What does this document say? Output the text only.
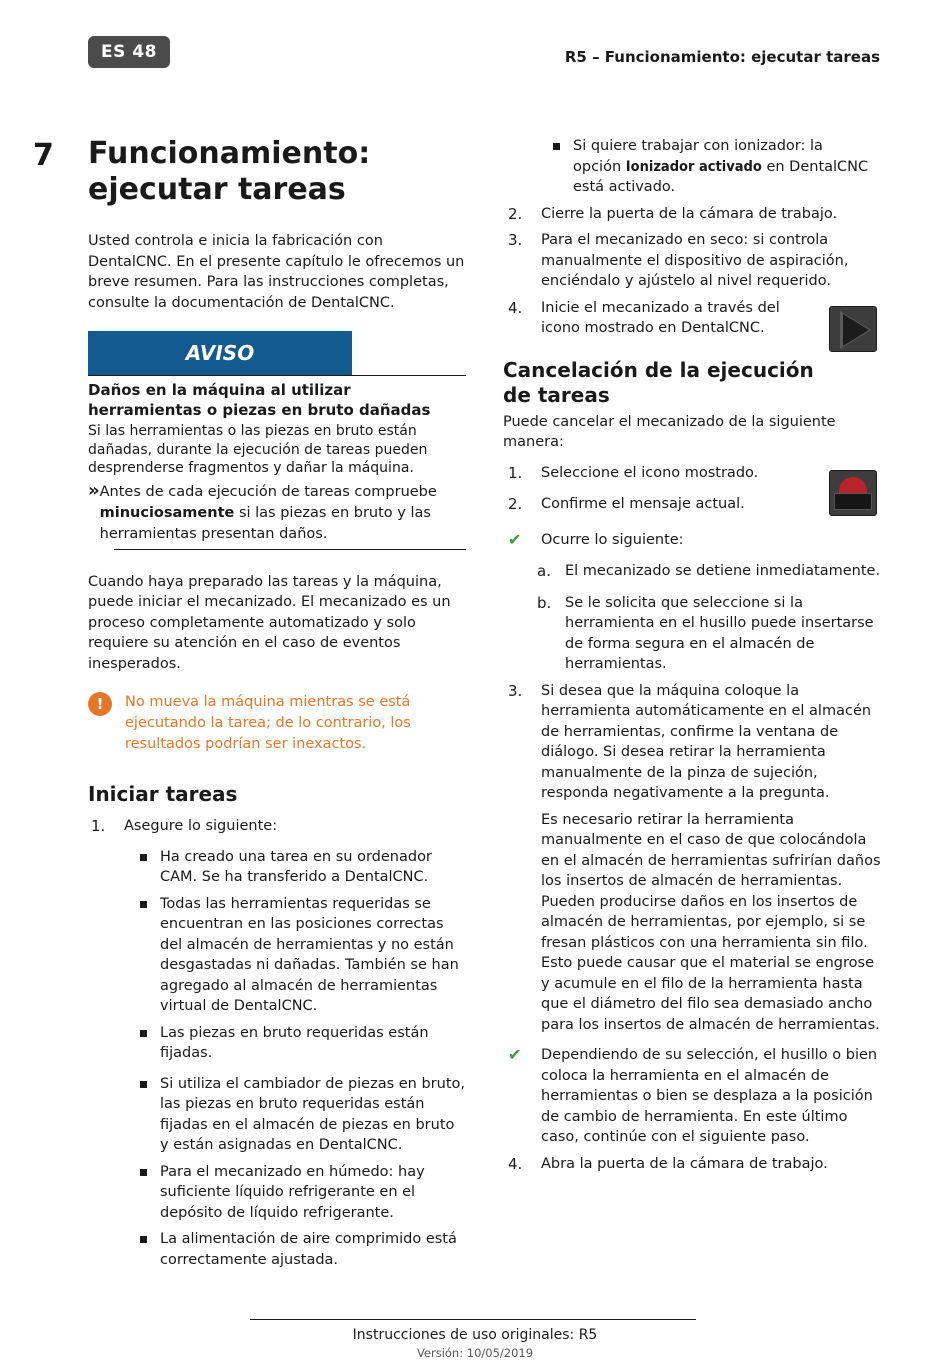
ES 48	R5 – Funcionamiento: ejecutar tareas
7 Funcionamiento:
ejecutar tareas

Usted controla e inicia la fabricación con DentalCNC. En el presente capítulo le ofrecemos un breve resumen. Para las instrucciones completas, consulte la documentación de DentalCNC.

AVISO
Daños en la máquina al utilizar
herramientas o piezas en bruto dañadas
Si las herramientas o las piezas en bruto están dañadas, durante la ejecución de tareas pueden desprenderse fragmentos y dañar la máquina.
» Antes de cada ejecución de tareas compruebe minuciosamente si las piezas en bruto y las herramientas presentan daños.

Cuando haya preparado las tareas y la máquina, puede iniciar el mecanizado. El mecanizado es un proceso completamente automatizado y solo requiere su atención en el caso de eventos inesperados.

!	No mueva la máquina mientras se está ejecutando la tarea; de lo contrario, los resultados podrían ser inexactos.
Iniciar tareas
1.	Asegure lo siguiente:
Ha creado una tarea en su ordenador CAM. Se ha transferido a DentalCNC.
Todas las herramientas requeridas se encuentran en las posiciones correctas del almacén de herramientas y no están desgastadas ni dañadas. También se han agregado al almacén de herramientas virtual de DentalCNC.
Las piezas en bruto requeridas están fijadas.
Si utiliza el cambiador de piezas en bruto, las piezas en bruto requeridas están fijadas en el almacén de piezas en bruto y están asignadas en DentalCNC.
Para el mecanizado en húmedo: hay suficiente líquido refrigerante en el depósito de líquido refrigerante.
La alimentación de aire comprimido está correctamente ajustada.
Si quiere trabajar con ionizador: la opción Ionizador activado en DentalCNC está activado.
2.	Cierre la puerta de la cámara de trabajo.
3.	Para el mecanizado en seco: si controla manualmente el dispositivo de aspiración, enciéndalo y ajústelo al nivel requerido.
4.	Inicie el mecanizado a través del icono mostrado en DentalCNC.
Cancelación de la ejecución
de tareas

Puede cancelar el mecanizado de la siguiente manera:

1.	Seleccione el icono mostrado.
2.	Confirme el mensaje actual.
✔	Ocurre lo siguiente:
a. El mecanizado se detiene inmediatamente.
b. Se le solicita que seleccione si la herramienta en el husillo puede insertarse de forma segura en el almacén de herramientas.
3.	Si desea que la máquina coloque la herramienta automáticamente en el almacén de herramientas, confirme la ventana de diálogo. Si desea retirar la herramienta manualmente de la pinza de sujeción, responda negativamente a la pregunta.
Es necesario retirar la herramienta manualmente en el caso de que colocándola en el almacén de herramientas sufrirían daños los insertos de almacén de herramientas. Pueden producirse daños en los insertos de almacén de herramientas, por ejemplo, si se fresan plásticos con una herramienta sin filo. Esto puede causar que el material se engrose y acumule en el filo de la herramienta hasta que el diámetro del filo sea demasiado ancho para los insertos de almacén de herramientas.
✔	Dependiendo de su selección, el husillo o bien coloca la herramienta en el almacén de herramientas o bien se desplaza a la posición de cambio de herramienta. En este último caso, continúe con el siguiente paso.
4.	Abra la puerta de la cámara de trabajo.
Instrucciones de uso originales: R5
Versión: 10/05/2019
